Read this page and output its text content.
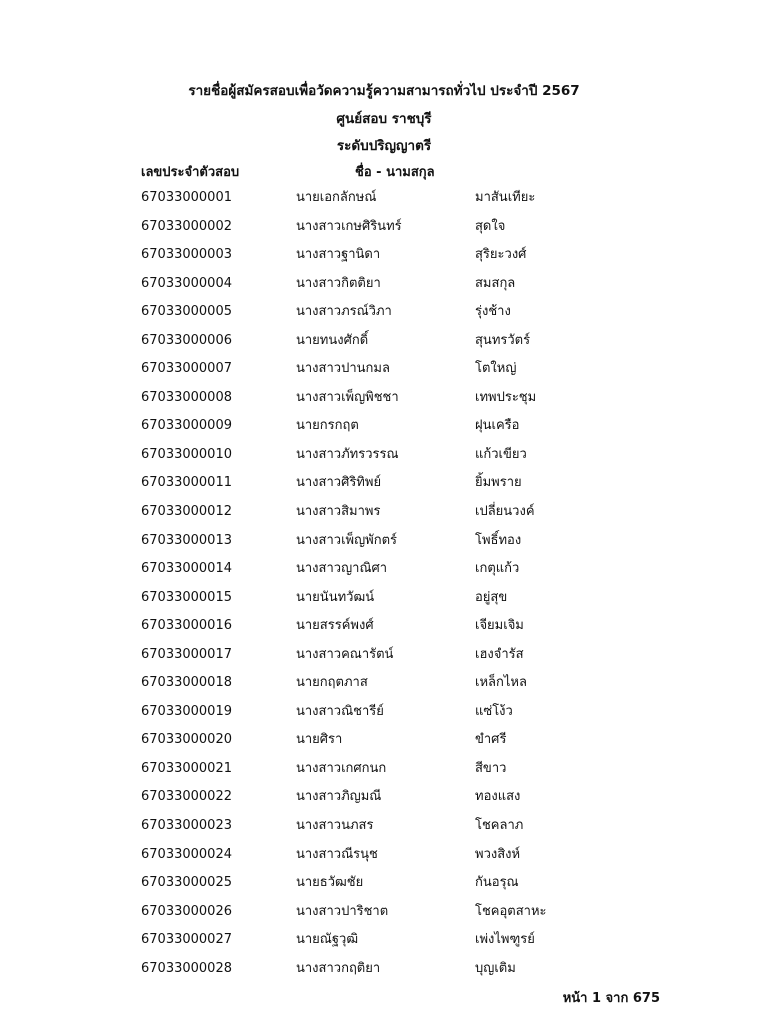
รายชื่อผู้สมัครสอบเพื่อวัดความรู้ความสามารถทั่วไป ประจำปี 2567
ศูนย์สอบ ราชบุรี
ระดับปริญญาตรี
เลขประจำตัวสอบ	ชื่อ - นามสกุล
67033000001	นายเอกลักษณ์	มาสันเทียะ
67033000002	นางสาวเกษศิรินทร์	สุดใจ
67033000003	นางสาวฐานิดา	สุริยะวงศ์
67033000004	นางสาวกิตติยา	สมสกุล
67033000005	นางสาวภรณ์วิภา	รุ่งช้าง
67033000006	นายทนงศักดิ์	สุนทรวัตร์
67033000007	นางสาวปานกมล	โตใหญ่
67033000008	นางสาวเพ็ญพิชชา	เทพประชุม
67033000009	นายกรกฤต	ฝุนเครือ
67033000010	นางสาวภัทรวรรณ	แก้วเขียว
67033000011	นางสาวศิริทิพย์	ยิ้มพราย
67033000012	นางสาวสิมาพร	เปลี่ยนวงค์
67033000013	นางสาวเพ็ญพักตร์	โพธิ์ทอง
67033000014	นางสาวญาณิศา	เกตุแก้ว
67033000015	นายนันทวัฒน์	อยู่สุข
67033000016	นายสรรค์พงศ์	เจียมเจิม
67033000017	นางสาวคณารัตน์	เฮงจำรัส
67033000018	นายกฤตภาส	เหล็กไหล
67033000019	นางสาวณิชารีย์	แซ่โง้ว
67033000020	นายศิรา	ขำศรี
67033000021	นางสาวเกศกนก	สีขาว
67033000022	นางสาวภิญมณี	ทองแสง
67033000023	นางสาวนภสร	โชคลาภ
67033000024	นางสาวณีรนุช	พวงสิงห์
67033000025	นายธวัฒชัย	กันอรุณ
67033000026	นางสาวปาริชาต	โชคอุตสาหะ
67033000027	นายณัฐวุฒิ	เพ่งไพฑูรย์
67033000028	นางสาวกฤติยา	บุญเติม
หน้า 1 จาก 675
